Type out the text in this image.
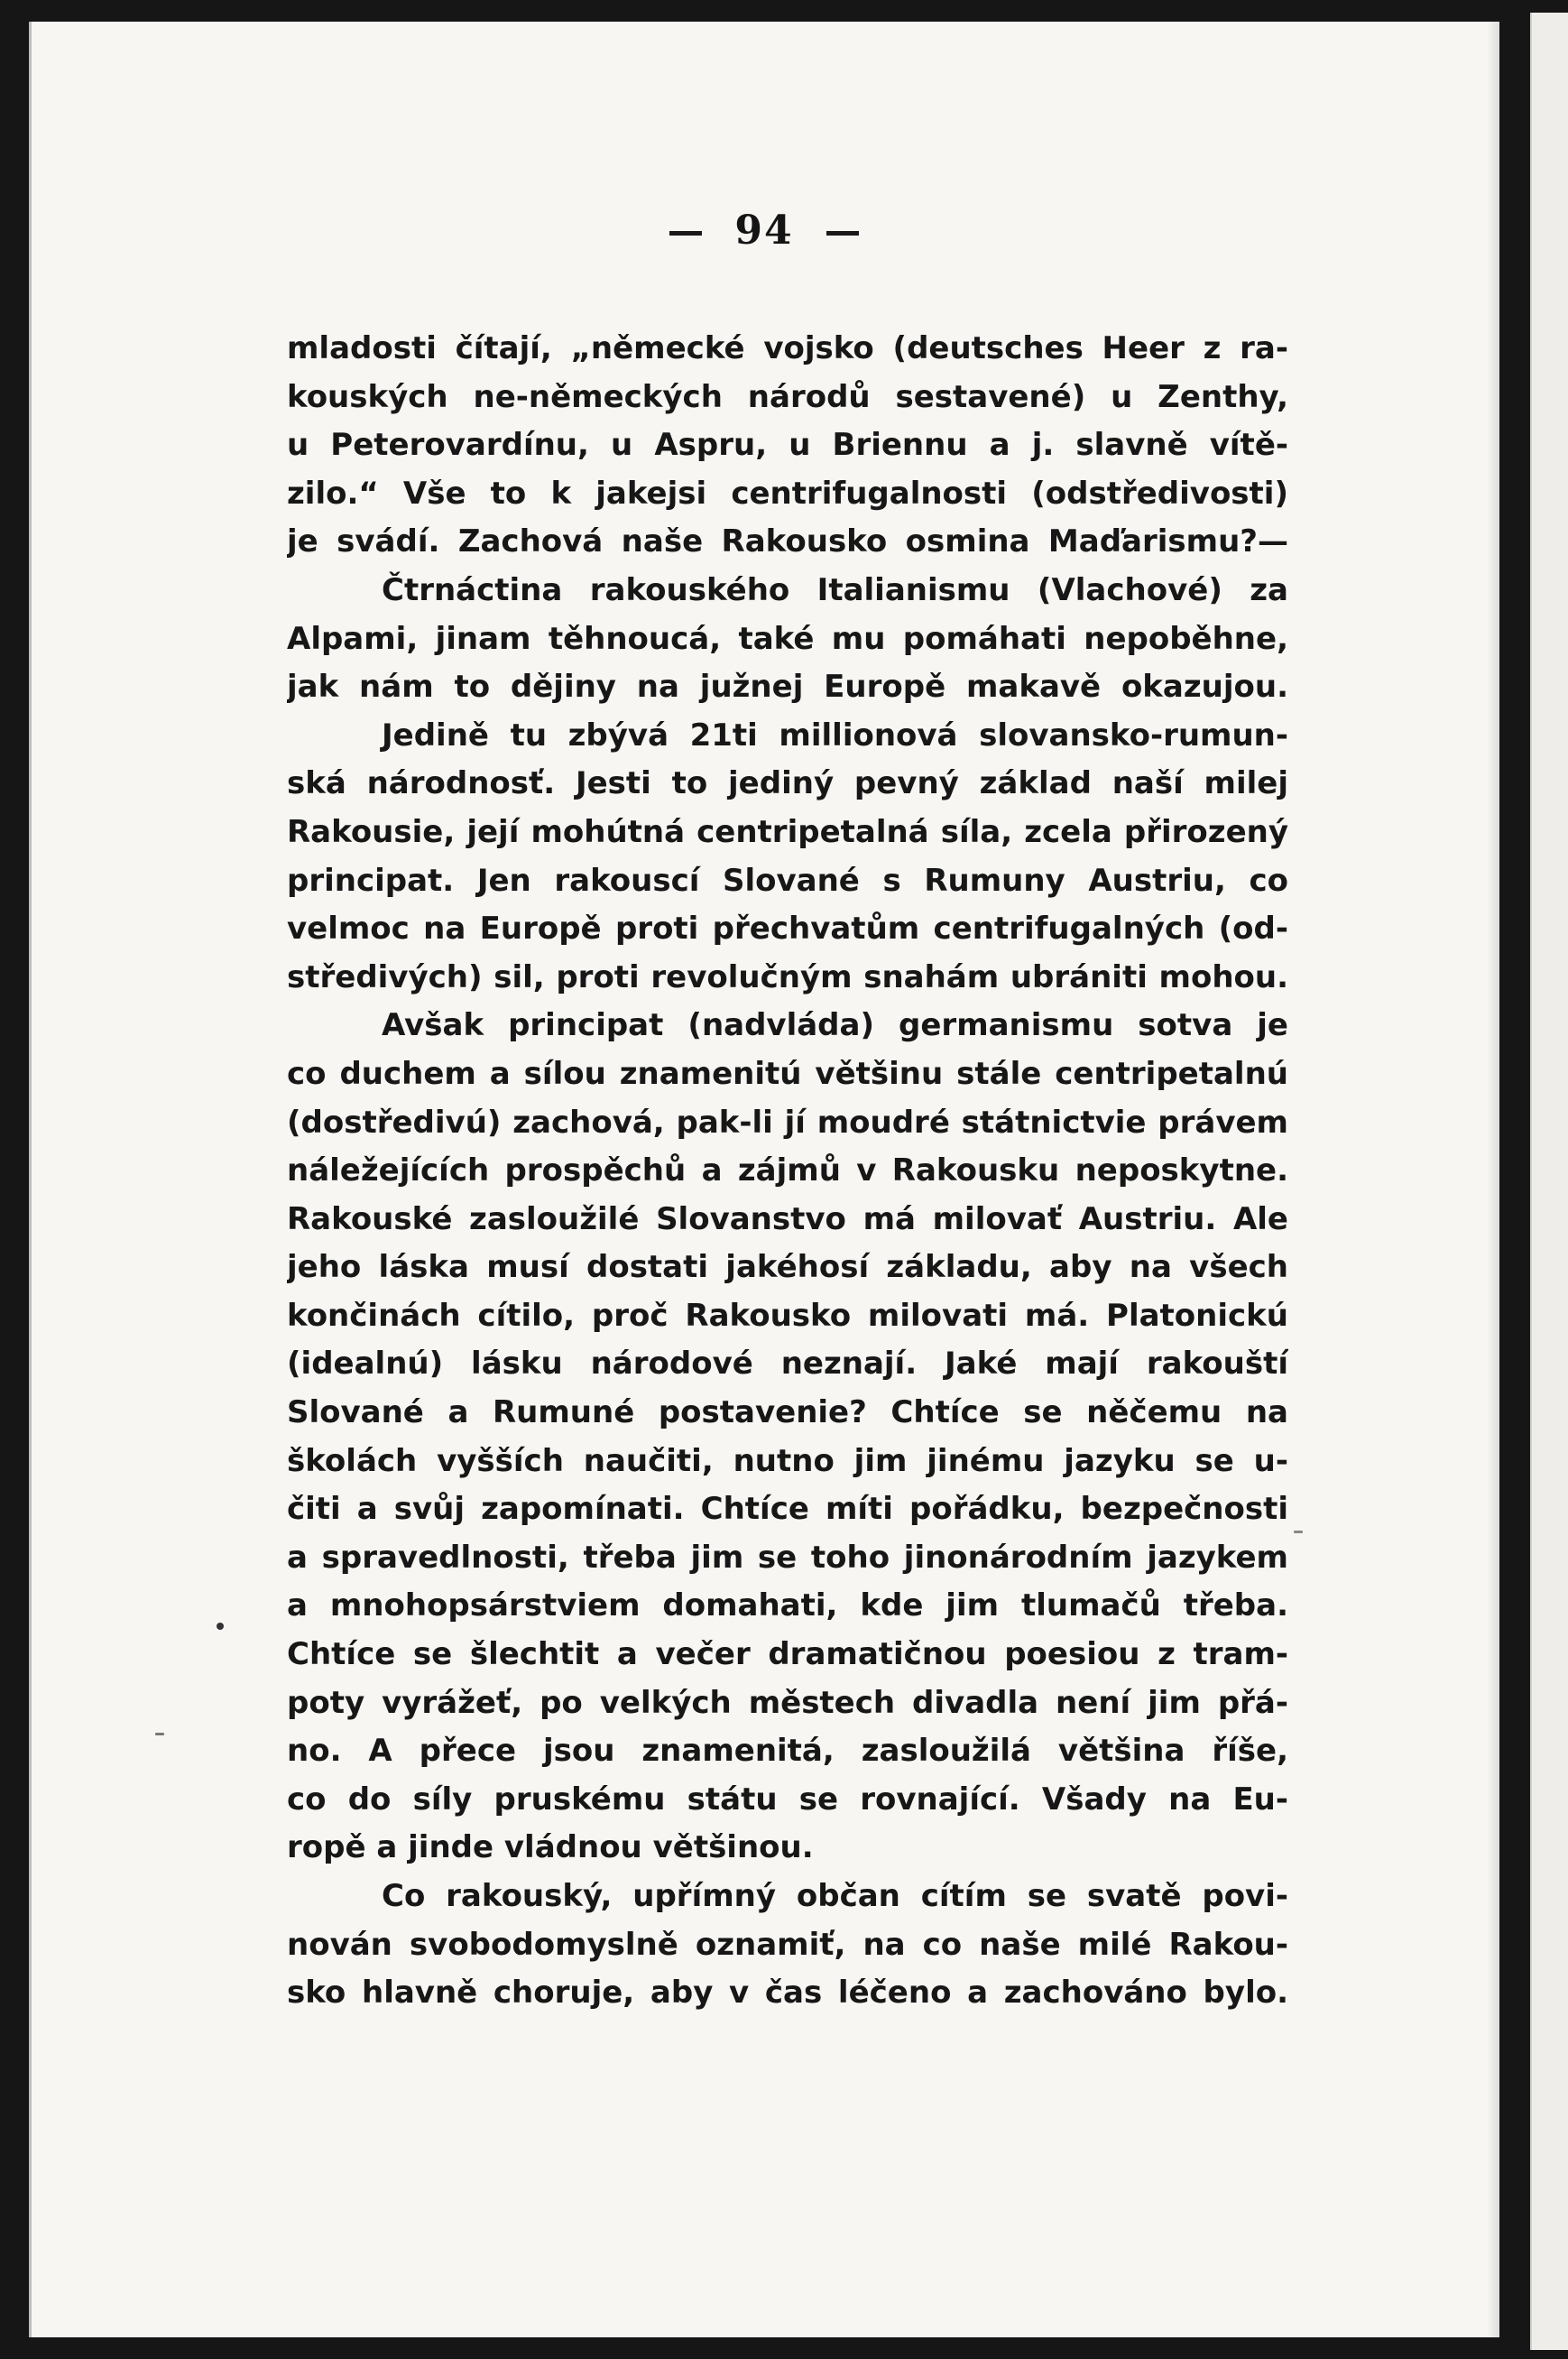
94
mladosti čítají, „německé vojsko (deutsches Heer z ra-
kouských ne-německých národů sestavené) u Zenthy,
u Peterovardínu, u Aspru, u Briennu a j. slavně vítě-
zilo.“ Vše to k jakejsi centrifugalnosti (odstředivosti)
je svádí. Zachová naše Rakousko osmina Maďarismu?—
Čtrnáctina rakouského Italianismu (Vlachové) za
Alpami, jinam těhnoucá, také mu pomáhati nepoběhne,
jak nám to dějiny na južnej Europě makavě okazujou.
Jedině tu zbývá 21ti millionová slovansko-rumun-
ská národnosť. Jesti to jediný pevný základ naší milej
Rakousie, její mohútná centripetalná síla, zcela přirozený
principat. Jen rakouscí Slované s Rumuny Austriu, co
velmoc na Europě proti přechvatům centrifugalných (od-
středivých) sil, proti revolučným snahám ubrániti mohou.
Avšak principat (nadvláda) germanismu sotva je
co duchem a sílou znamenitú většinu stále centripetalnú
(dostředivú) zachová, pak-li jí moudré státnictvie právem
náležejících prospěchů a zájmů v Rakousku neposkytne.
Rakouské zasloužilé Slovanstvo má milovať Austriu. Ale
jeho láska musí dostati jakéhosí základu, aby na všech
končinách cítilo, proč Rakousko milovati má. Platonickú
(idealnú) lásku národové neznají. Jaké mají rakouští
Slované a Rumuné postavenie? Chtíce se něčemu na
školách vyšších naučiti, nutno jim jinému jazyku se u-
čiti a svůj zapomínati. Chtíce míti pořádku, bezpečnosti
a spravedlnosti, třeba jim se toho jinonárodním jazykem
a mnohopsárstviem domahati, kde jim tlumačů třeba.
Chtíce se šlechtit a večer dramatičnou poesiou z tram-
poty vyrážeť, po velkých městech divadla není jim přá-
no. A přece jsou znamenitá, zasloužilá většina říše,
co do síly pruskému státu se rovnající. Všady na Eu-
ropě a jinde vládnou většinou.
Co rakouský, upřímný občan cítím se svatě povi-
nován svobodomyslně oznamiť, na co naše milé Rakou-
sko hlavně choruje, aby v čas léčeno a zachováno bylo.
